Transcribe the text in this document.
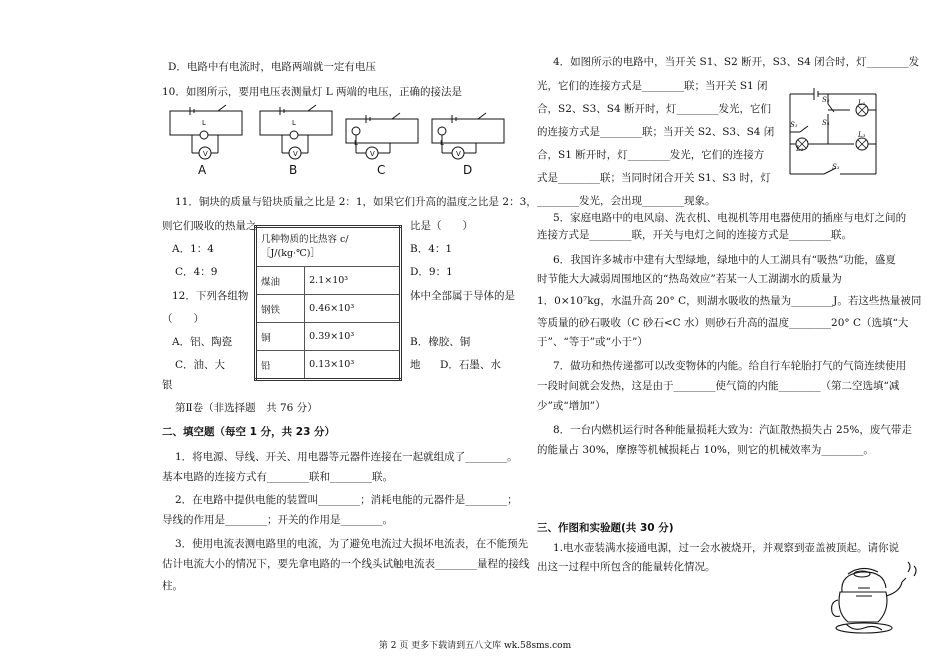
D．电路中有电流时，电路两端就一定有电压
10．如图所示，要用电压表测量灯 L 两端的电压，正确的接法是
L
V
L
V
L
V
L
V
A	B	C	D
11．铜块的质量与铅块质量之比是 2：1，如果它们升高的温度之比是 2：3，
则它们吸收的热量之	比是（　　）
A．1：4	B．4：1
C．4：9	D．9：1
12．下列各组物	体中全部属于导体的是
（　　）
A．铝、陶瓷	B．橡胶、铜
C．油、大	地 D．石墨、水
银
几种物质的比热容 c/［J/(kg·℃)］	
煤油	2.1×10³
钢铁	0.46×10³
铜	0.39×10³
铅	0.13×10³
第Ⅱ卷（非选择题　共 76 分）
二、填空题（每空 1 分，共 23 分）
1．将电源、导线、开关、用电器等元器件连接在一起就组成了________。
基本电路的连接方式有________联和________联。
2．在电路中提供电能的装置叫________；消耗电能的元器件是________；
导线的作用是________；开关的作用是________。
3．使用电流表测电路里的电流，为了避免电流过大损坏电流表，在不能预先
估计电流大小的情况下，要先拿电路的一个线头试触电流表________量程的接线
柱。
4．如图所示的电路中，当开关 S1、S2 断开，S3、S4 闭合时，灯________发
光，它们的连接方式是________联；当开关 S1 闭
合，S2、S3、S4 断开时，灯________发光，它们
的连接方式是________联；当开关 S2、S3、S4 闭
合，S1 断开时，灯________发光，它们的连接方
式是________联；当同时闭合开关 S1、S3 时，灯
________发光，会出现________现象。
L₁
L₂
L₃
S₁
S₂
S₃
S₄
5．家庭电路中的电风扇、洗衣机、电视机等用电器使用的插座与电灯之间的
连接方式是________联，开关与电灯之间的连接方式是________联。
6．我国许多城市中建有大型绿地，绿地中的人工湖具有“吸热”功能，盛夏
时节能大大减弱周围地区的“热岛效应”若某一人工湖湖水的质量为
1．0×10⁷kg，水温升高 20° C，则湖水吸收的热量为________J。若这些热量被同
等质量的砂石吸收（C 砂石<C 水）则砂石升高的温度________20° C（选填“大
于”、“等于”或“小于”）
7．做功和热传递都可以改变物体的内能。给自行车轮胎打气的气筒连续使用
一段时间就会发热，这是由于________使气筒的内能________（第二空选填“减
少”或“增加”）
8．一台内燃机运行时各种能量损耗大致为：汽缸散热损失占 25%，废气带走
的能量占 30%，摩擦等机械损耗占 10%，则它的机械效率为________。
三、作图和实验题(共 30 分)
1.电水壶装满水接通电源，过一会水被烧开，并观察到壶盖被顶起。请你说
出这一过程中所包含的能量转化情况。
第 2 页 更多下载请到五八文库 wk.58sms.com
